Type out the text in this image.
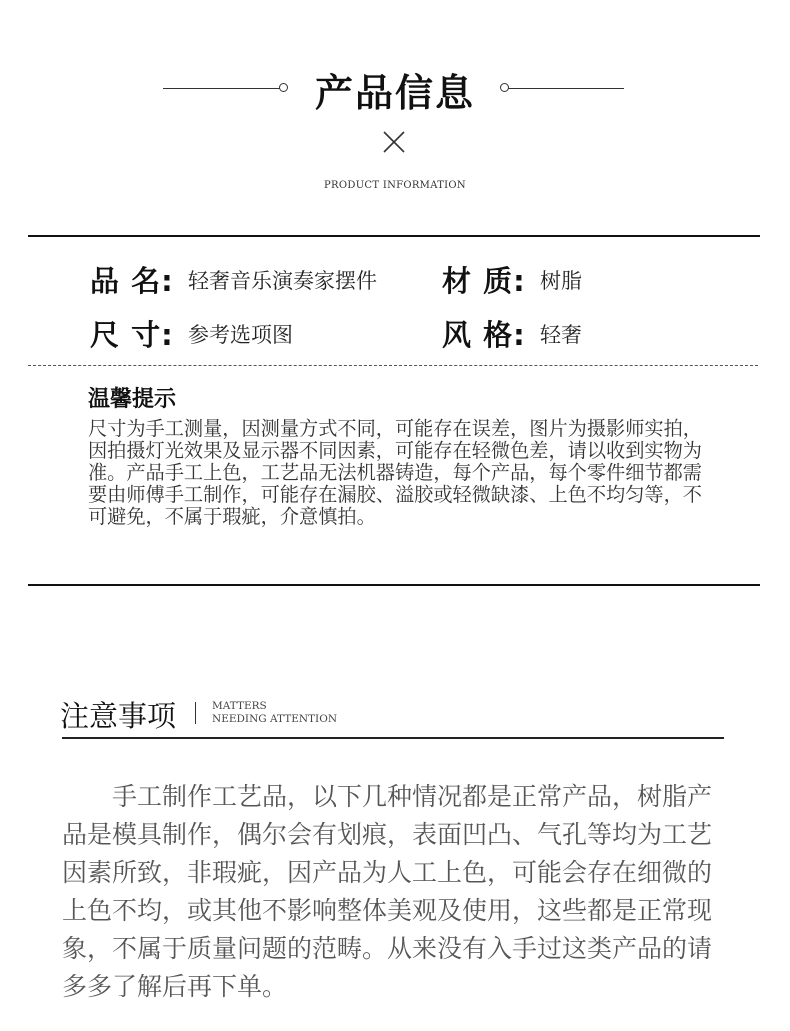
产品信息
PRODUCT INFORMATION
品 名: 轻奢音乐演奏家摆件 材 质: 树脂
尺 寸: 参考选项图	风 格: 轻奢
温馨提示
尺寸为手工测量，因测量方式不同，可能存在误差，图片为摄影师实拍，因拍摄灯光效果及显示器不同因素，可能存在轻微色差，请以收到实物为准。产品手工上色，工艺品无法机器铸造，每个产品，每个零件细节都需要由师傅手工制作，可能存在漏胶、溢胶或轻微缺漆、上色不均匀等，不可避免，不属于瑕疵，介意慎拍。
注意事项	MATTERS
NEEDING ATTENTION
手工制作工艺品，以下几种情况都是正常产品，树脂产品是模具制作，偶尔会有划痕，表面凹凸、气孔等均为工艺因素所致，非瑕疵，因产品为人工上色，可能会存在细微的上色不均，或其他不影响整体美观及使用，这些都是正常现象，不属于质量问题的范畴。从来没有入手过这类产品的请多多了解后再下单。
